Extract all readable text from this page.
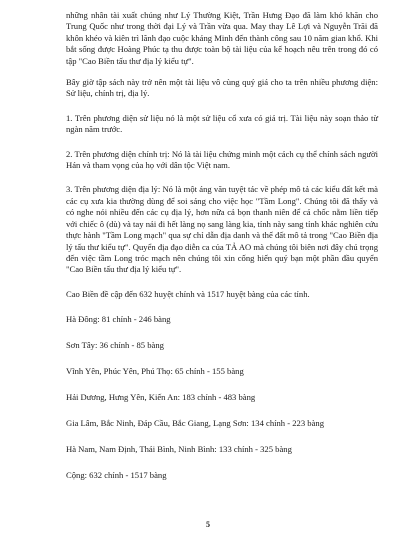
những nhân tài xuất chúng như Lý Thường Kiệt, Trần Hưng Đạo đã làm khó khăn cho Trung Quốc như trong thời đại Lý và Trần vừa qua. May thay Lê Lợi và Nguyễn Trãi đã khôn khéo và kiên trì lãnh đạo cuộc kháng Minh đến thành công sau 10 năm gian khổ. Khi bắt sống được Hoàng Phúc tạ thu được toàn bộ tài liệu của kế hoạch nêu trên trong đó có tập "Cao Biền tấu thư địa lý kiểu tự".

Bây giờ tập sách này trở nên một tài liệu vô cùng quý giá cho ta trên nhiều phương diện: Sử liệu, chính trị, địa lý.

1. Trên phương diện sử liệu nó là một sử liệu cổ xưa có giá trị. Tài liệu này soạn thảo từ ngàn năm trước.

2. Trên phương diện chính trị: Nó là tài liệu chứng minh một cách cụ thể chính sách người Hán và tham vọng của họ với dân tộc Việt nam.

3. Trên phương diện địa lý: Nó là một áng văn tuyệt tác về phép mô tả các kiểu đất kết mà các cụ xưa kia thường dùng để soi sáng cho việc học "Tầm Long". Chúng tôi đã thấy và có nghe nói nhiều đến các cụ địa lý, hơn nữa cả bọn thanh niên để cả chốc nằm liền tiếp với chiếc ô (dù) và tay nải đi hết làng nọ sang làng kia, tỉnh này sang tỉnh khác nghiên cứu thực hành "Tầm Long mạch" qua sự chỉ dẫn địa danh và thế đất mô tả trong "Cao Biền địa lý tấu thư kiểu tự". Quyển địa đạo diễn ca của TẢ AO mà chúng tôi biên nơi đây chú trọng đến việc tầm Long tróc mạch nên chúng tôi xin cống hiến quý bạn một phần đầu quyển "Cao Biền tấu thư địa lý kiểu tự".

Cao Biền đề cập đến 632 huyệt chính và 1517 huyệt bàng của các tỉnh.

Hà Đông: 81 chính - 246 bàng

Sơn Tây: 36 chính - 85 bàng

Vĩnh Yên, Phúc Yên, Phú Thọ: 65 chính - 155 bàng

Hải Dương, Hưng Yên, Kiến An: 183 chính - 483 bàng

Gia Lâm, Bắc Ninh, Đáp Cầu, Bắc Giang, Lạng Sơn: 134 chính - 223 bàng

Hà Nam, Nam Định, Thái Bình, Ninh Bình: 133 chính - 325 bàng

Cộng: 632 chính - 1517 bàng

5
